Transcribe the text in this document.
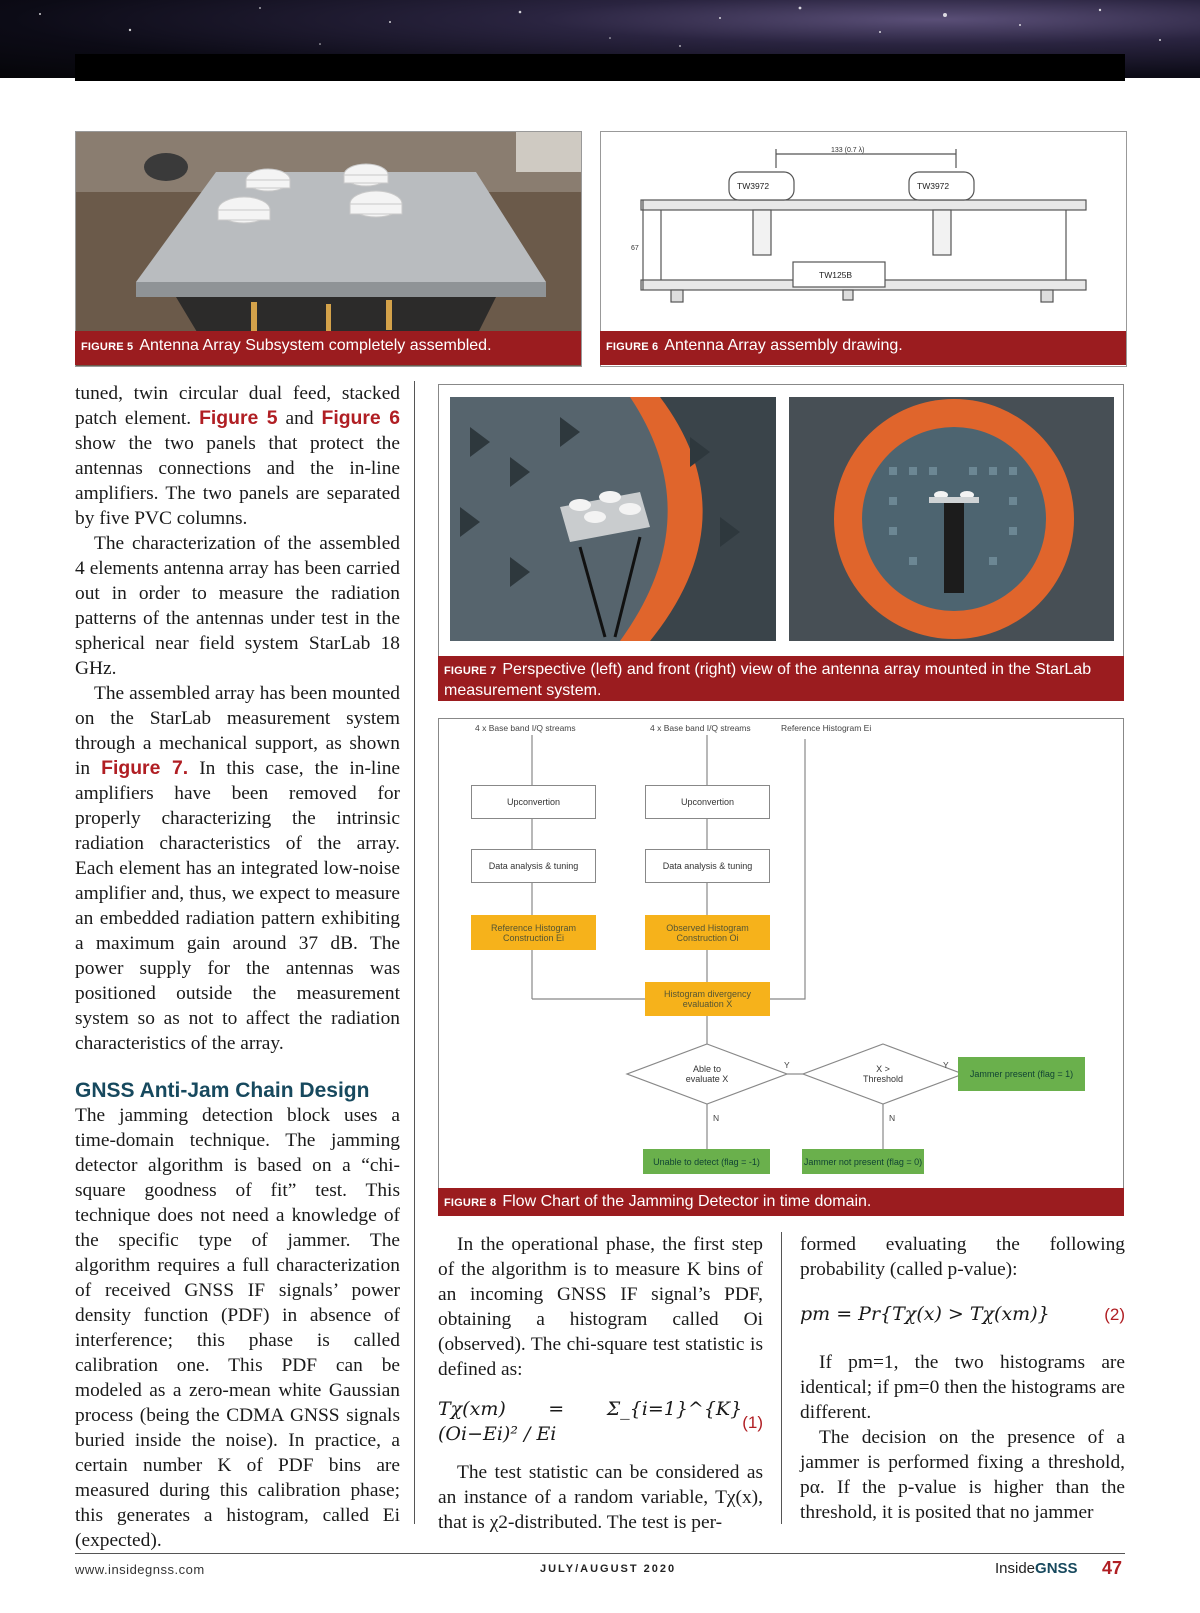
FIGURE 5 Antenna Array Subsystem completely assembled.
133 (0.7 λ)
TW3972	TW3972
67
TW125B
FIGURE 6 Antenna Array assembly drawing.

tuned, twin circular dual feed, stacked patch element. Figure 5 and Figure 6 show the two panels that protect the antennas connections and the in-line amplifiers. The two panels are separated by five PVC columns.

The characterization of the assembled 4 elements antenna array has been carried out in order to measure the radiation patterns of the antennas under test in the spherical near field system StarLab 18 GHz.

The assembled array has been mounted on the StarLab measurement system through a mechanical support, as shown in Figure 7. In this case, the in-line amplifiers have been removed for properly characterizing the intrinsic radiation characteristics of the array. Each element has an integrated low-noise amplifier and, thus, we expect to measure an embedded radiation pattern exhibiting a maximum gain around 37 dB. The power supply for the antennas was positioned outside the measurement system so as not to affect the radiation characteristics of the array.

GNSS Anti-Jam Chain Design

The jamming detection block uses a time-domain technique. The jamming detector algorithm is based on a “chi-square goodness of fit” test. This technique does not need a knowledge of the specific type of jammer. The algorithm requires a full characterization of received GNSS IF signals’ power density function (PDF) in absence of interference; this phase is called calibration one. This PDF can be modeled as a zero-mean white Gaussian process (being the CDMA GNSS signals buried inside the noise). In practice, a certain number K of PDF bins are measured during this calibration phase; this generates a histogram, called Ei (expected).

FIGURE 7 Perspective (left) and front (right) view of the antenna array mounted in the StarLab measurement system.
4 x Base band I/Q streams	4 x Base band I/Q streams	Reference Histogram Ei
Upconvertion	Upconvertion
Data analysis & tuning	Data analysis & tuning
Reference Histogram Construction Ei
Observed Histogram Construction Oi
Histogram divergency evaluation X
Able to evaluate X
X > Threshold	Jammer present (flag = 1)
Unable to detect (flag = -1)	Jammer not present (flag = 0)
Y	Y
N	N
FIGURE 8 Flow Chart of the Jamming Detector in time domain.

In the operational phase, the first step of the algorithm is to measure K bins of an incoming GNSS IF signal’s PDF, obtaining a histogram called Oi (observed). The chi-square test statistic is defined as:

Tχ(xm) = Σ_{i=1}^{K} (Oi−Ei)² / Ei
(1)

The test statistic can be considered as an instance of a random variable, Tχ(x), that is χ2-distributed. The test is per-

formed evaluating the following probability (called p-value):

pm = Pr{Tχ(x) > Tχ(xm)}	(2)

If pm=1, the two histograms are identical; if pm=0 then the histograms are different.

The decision on the presence of a jammer is performed fixing a threshold, pα. If the p-value is higher than the threshold, it is posited that no jammer

www.insidegnss.com	JULY/AUGUST 2020	InsideGNSS 47
